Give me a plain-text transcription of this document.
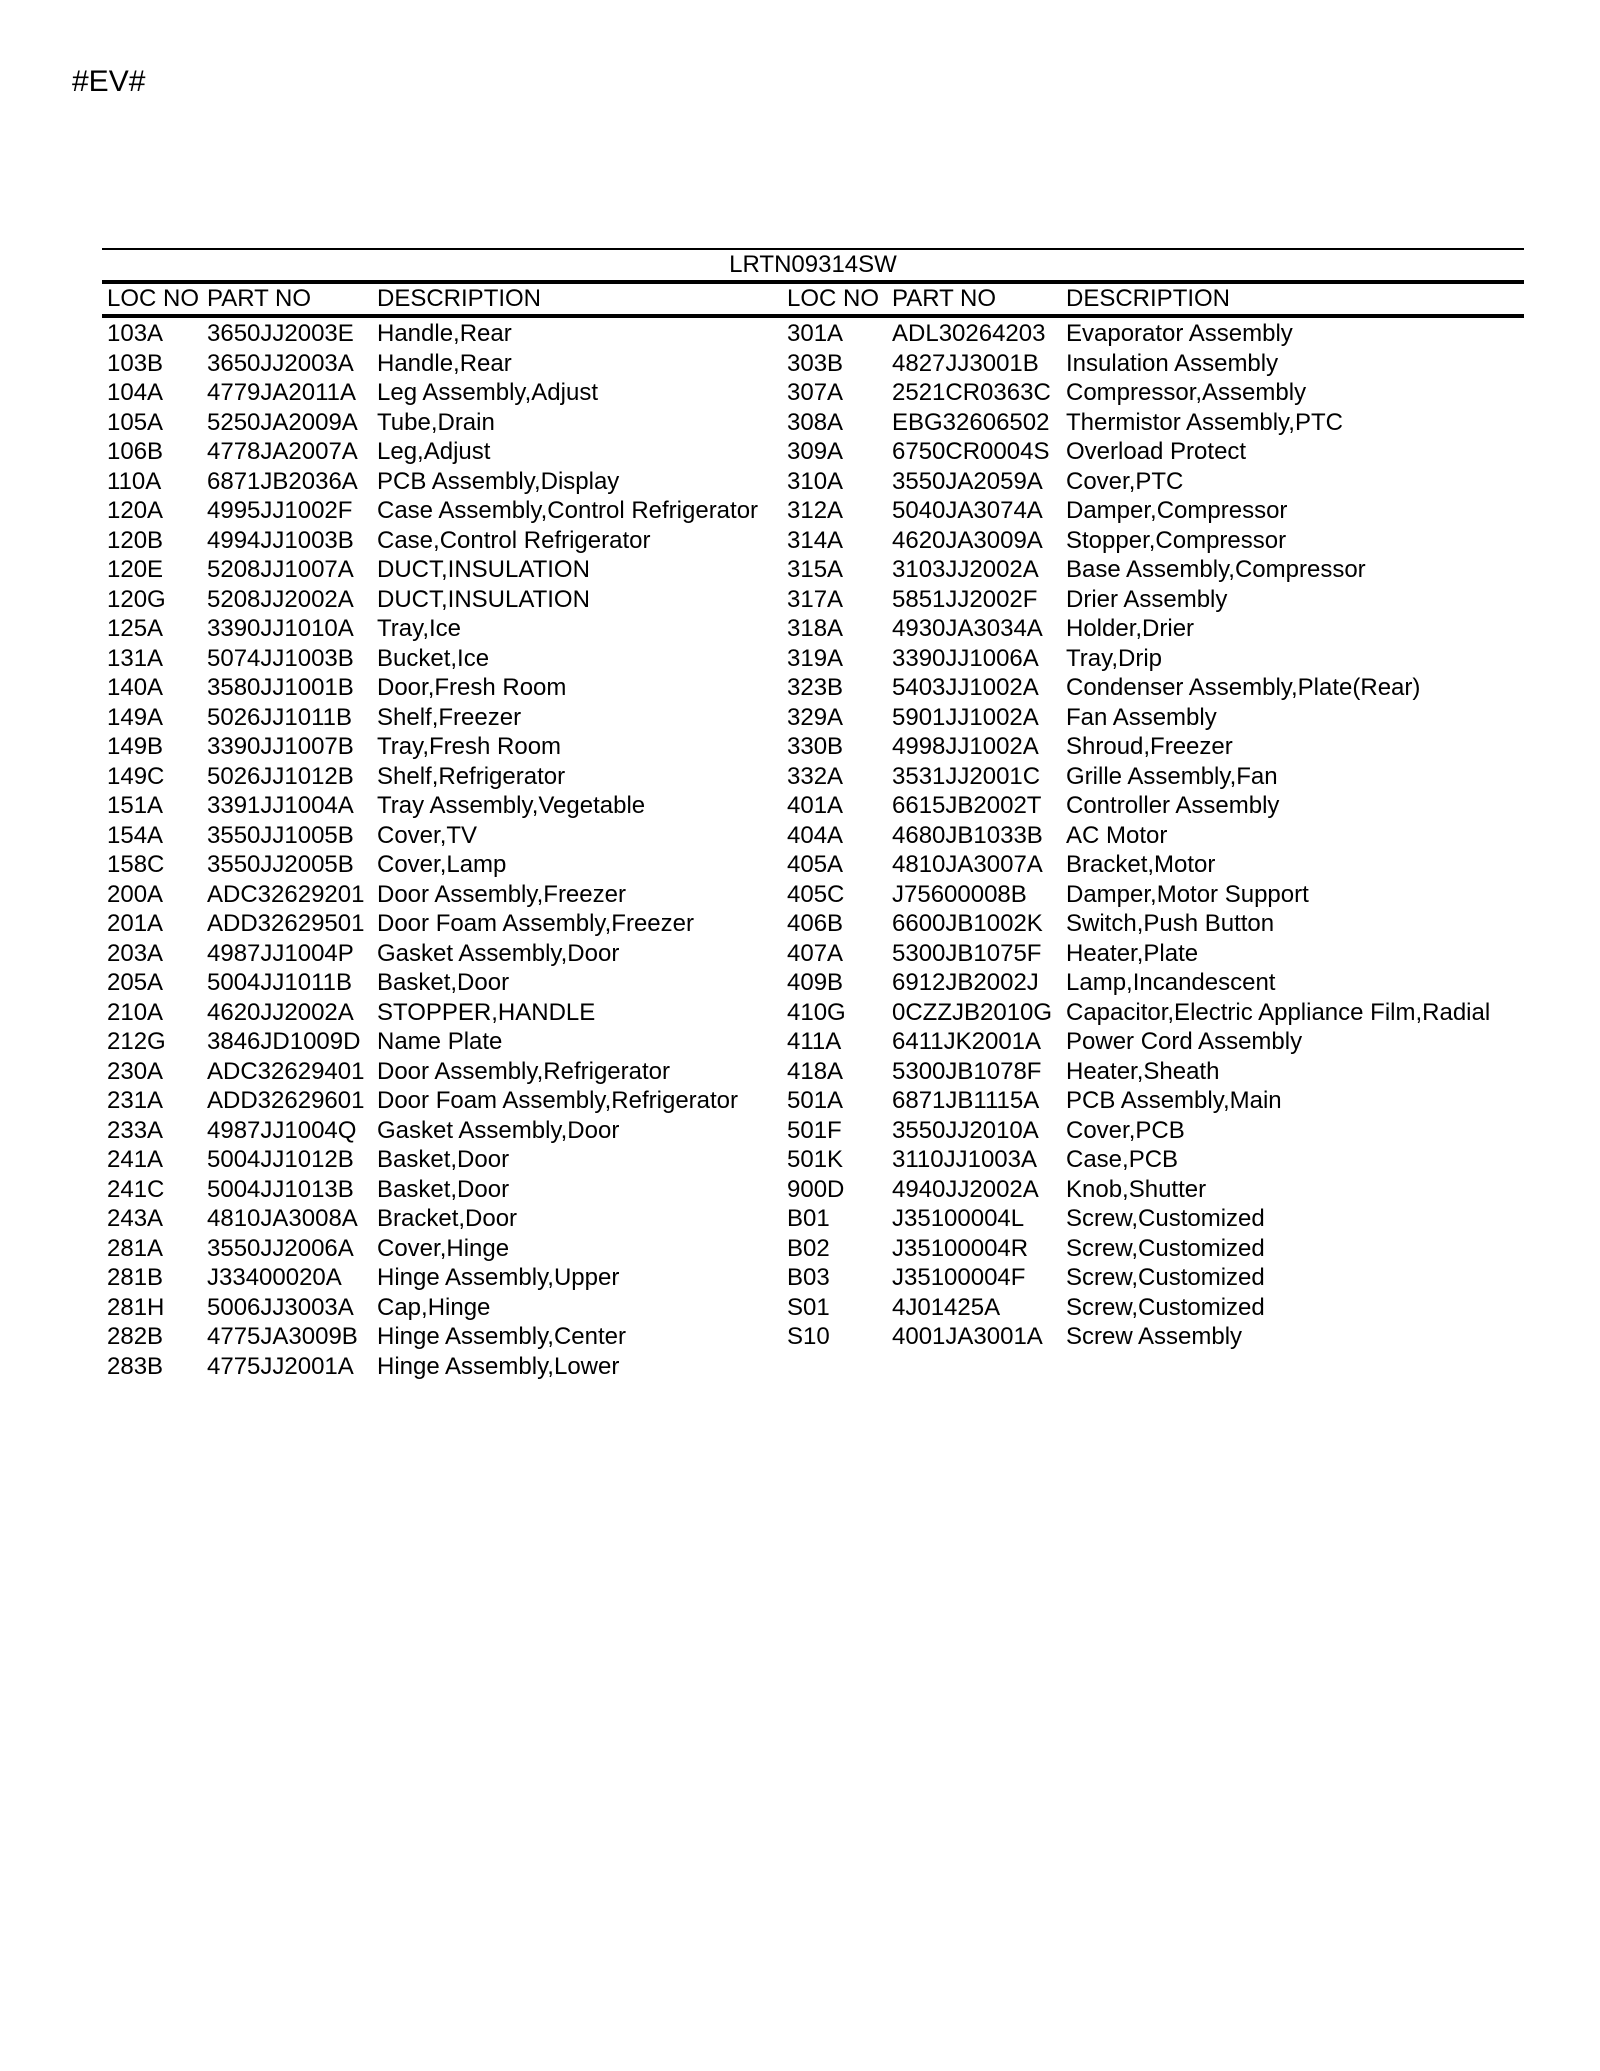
#EV#
LRTN09314SW
LOC NO PART NO	DESCRIPTION	LOC NO PART NO	DESCRIPTION
103A	3650JJ2003E Handle,Rear	301A	ADL30264203 Evaporator Assembly
103B	3650JJ2003A Handle,Rear	303B	4827JJ3001B	Insulation Assembly
104A	4779JA2011A Leg Assembly,Adjust	307A	2521CR0363C Compressor,Assembly
105A	5250JA2009A Tube,Drain	308A	EBG32606502 Thermistor Assembly,PTC
106B	4778JA2007A Leg,Adjust	309A	6750CR0004S Overload Protect
110A	6871JB2036A PCB Assembly,Display	310A	3550JA2059A Cover,PTC
120A	4995JJ1002F	Case Assembly,Control Refrigerator	312A	5040JA3074A Damper,Compressor
120B	4994JJ1003B Case,Control Refrigerator	314A	4620JA3009A Stopper,Compressor
120E	5208JJ1007A DUCT,INSULATION	315A	3103JJ2002A	Base Assembly,Compressor
120G	5208JJ2002A DUCT,INSULATION	317A	5851JJ2002F	Drier Assembly
125A	3390JJ1010A Tray,Ice	318A	4930JA3034A Holder,Drier
131A	5074JJ1003B Bucket,Ice	319A	3390JJ1006A	Tray,Drip
140A	3580JJ1001B Door,Fresh Room	323B	5403JJ1002A	Condenser Assembly,Plate(Rear)
149A	5026JJ1011B	Shelf,Freezer	329A	5901JJ1002A	Fan Assembly
149B	3390JJ1007B Tray,Fresh Room	330B	4998JJ1002A	Shroud,Freezer
149C	5026JJ1012B Shelf,Refrigerator	332A	3531JJ2001C	Grille Assembly,Fan
151A	3391JJ1004A Tray Assembly,Vegetable	401A	6615JB2002T	Controller Assembly
154A	3550JJ1005B Cover,TV	404A	4680JB1033B AC Motor
158C	3550JJ2005B Cover,Lamp	405A	4810JA3007A Bracket,Motor
200A	ADC32629201 Door Assembly,Freezer	405C	J75600008B	Damper,Motor Support
201A	ADD32629501 Door Foam Assembly,Freezer	406B	6600JB1002K Switch,Push Button
203A	4987JJ1004P Gasket Assembly,Door	407A	5300JB1075F	Heater,Plate
205A	5004JJ1011B	Basket,Door	409B	6912JB2002J	Lamp,Incandescent
210A	4620JJ2002A STOPPER,HANDLE	410G	0CZZJB2010G Capacitor,Electric Appliance Film,Radial
212G	3846JD1009D Name Plate	411A	6411JK2001A	Power Cord Assembly
230A	ADC32629401 Door Assembly,Refrigerator	418A	5300JB1078F	Heater,Sheath
231A	ADD32629601 Door Foam Assembly,Refrigerator	501A	6871JB1115A	PCB Assembly,Main
233A	4987JJ1004Q Gasket Assembly,Door	501F	3550JJ2010A	Cover,PCB
241A	5004JJ1012B Basket,Door	501K	3110JJ1003A	Case,PCB
241C	5004JJ1013B Basket,Door	900D	4940JJ2002A	Knob,Shutter
243A	4810JA3008A Bracket,Door	B01	J35100004L	Screw,Customized
281A	3550JJ2006A Cover,Hinge	B02	J35100004R	Screw,Customized
281B	J33400020A	Hinge Assembly,Upper	B03	J35100004F	Screw,Customized
281H	5006JJ3003A Cap,Hinge	S01	4J01425A	Screw,Customized
282B	4775JA3009B Hinge Assembly,Center	S10	4001JA3001A Screw Assembly
283B	4775JJ2001A Hinge Assembly,Lower
